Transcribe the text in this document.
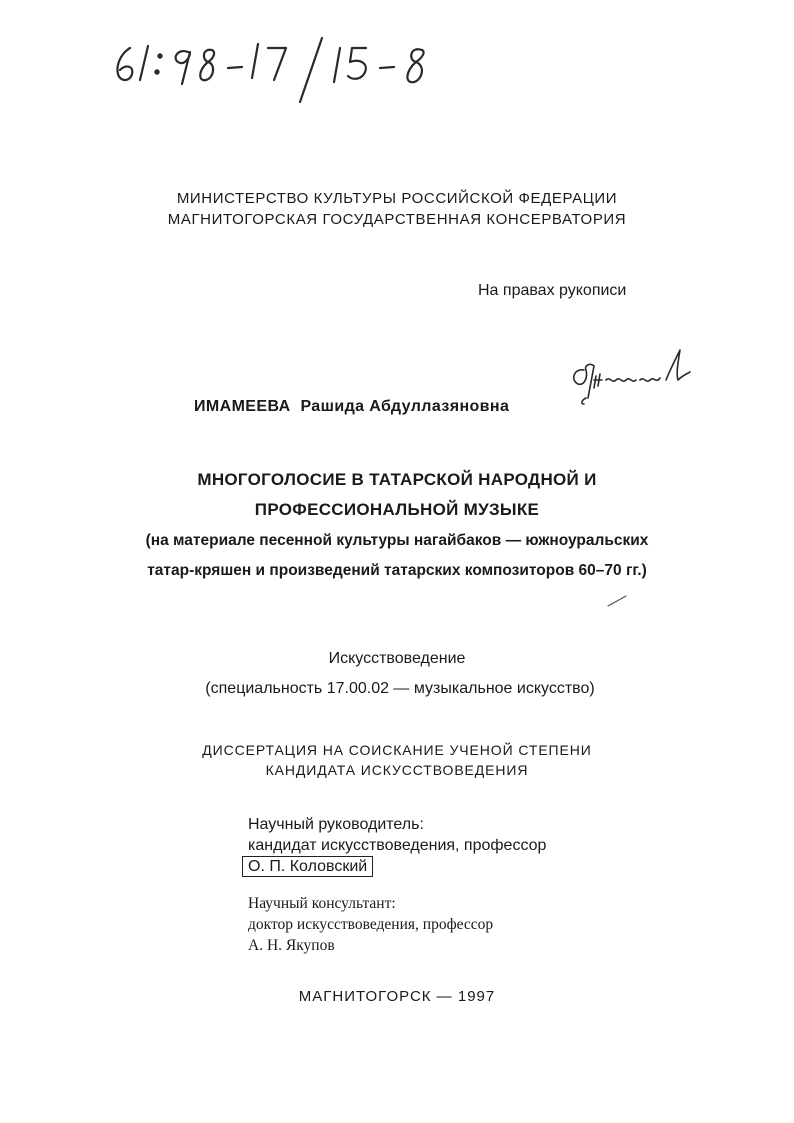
МИНИСТЕРСТВО КУЛЬТУРЫ РОССИЙСКОЙ ФЕДЕРАЦИИ
МАГНИТОГОРСКАЯ ГОСУДАРСТВЕННАЯ КОНСЕРВАТОРИЯ
На правах рукописи
ИМАМЕЕВА Рашида Абдуллазяновна
МНОГОГОЛОСИЕ В ТАТАРСКОЙ НАРОДНОЙ И
ПРОФЕССИОНАЛЬНОЙ МУЗЫКЕ
(на материале песенной культуры нагайбаков — южноуральских
татар-кряшен и произведений татарских композиторов 60–70 гг.)
Искусствоведение
(специальность 17.00.02 — музыкальное искусство)
ДИССЕРТАЦИЯ НА СОИСКАНИЕ УЧЕНОЙ СТЕПЕНИ
КАНДИДАТА ИСКУССТВОВЕДЕНИЯ
Научный руководитель:
кандидат искусствоведения, профессор
О. П. Коловский
Научный консультант:
доктор искусствоведения, профессор
А. Н. Якупов
МАГНИТОГОРСК — 1997
